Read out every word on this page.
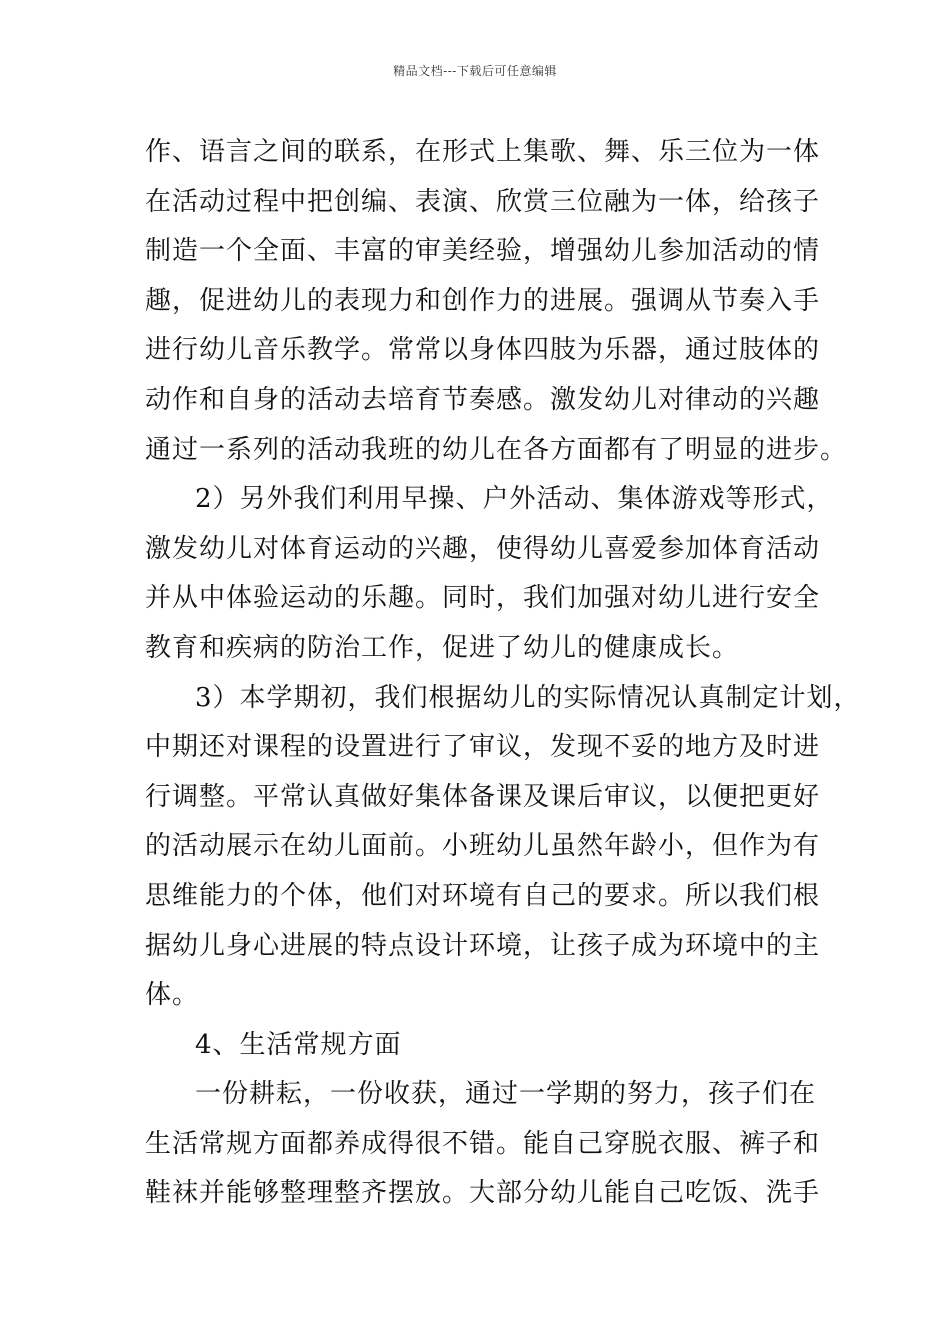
精品文档---下载后可任意编辑
作、语言之间的联系，在形式上集歌、舞、乐三位为一体
在活动过程中把创编、表演、欣赏三位融为一体，给孩子
制造一个全面、丰富的审美经验，增强幼儿参加活动的情
趣，促进幼儿的表现力和创作力的进展。强调从节奏入手
进行幼儿音乐教学。常常以身体四肢为乐器，通过肢体的
动作和自身的活动去培育节奏感。激发幼儿对律动的兴趣
通过一系列的活动我班的幼儿在各方面都有了明显的进步。
2）另外我们利用早操、户外活动、集体游戏等形式，
激发幼儿对体育运动的兴趣，使得幼儿喜爱参加体育活动
并从中体验运动的乐趣。同时，我们加强对幼儿进行安全
教育和疾病的防治工作，促进了幼儿的健康成长。
3）本学期初，我们根据幼儿的实际情况认真制定计划，
中期还对课程的设置进行了审议，发现不妥的地方及时进
行调整。平常认真做好集体备课及课后审议，以便把更好
的活动展示在幼儿面前。小班幼儿虽然年龄小，但作为有
思维能力的个体，他们对环境有自己的要求。所以我们根
据幼儿身心进展的特点设计环境，让孩子成为环境中的主
体。
4、生活常规方面
一份耕耘，一份收获，通过一学期的努力，孩子们在
生活常规方面都养成得很不错。能自己穿脱衣服、裤子和
鞋袜并能够整理整齐摆放。大部分幼儿能自己吃饭、洗手
